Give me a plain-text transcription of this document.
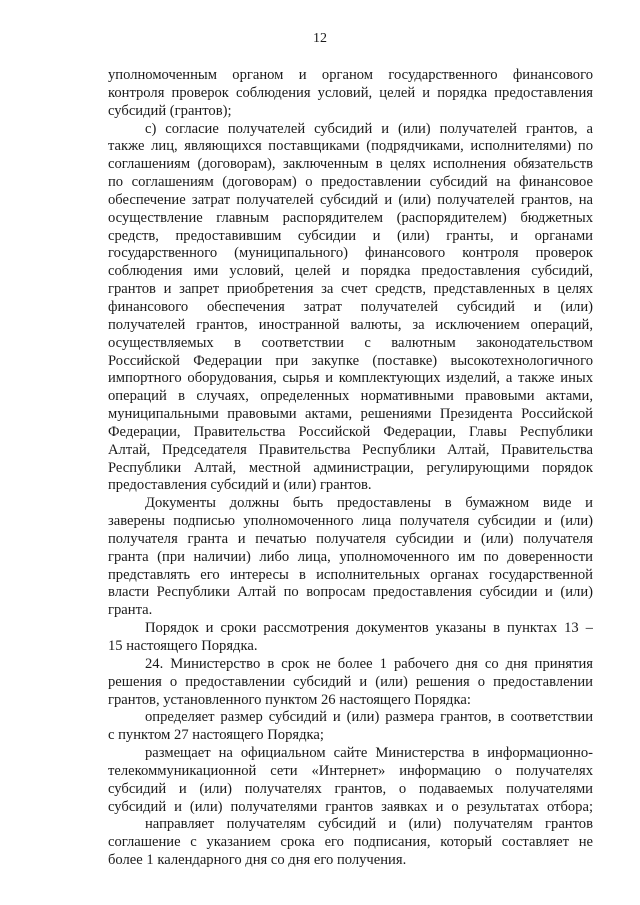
12
уполномоченным органом и органом государственного финансового
контроля проверок соблюдения условий, целей и порядка предоставления
субсидий (грантов);
с) согласие получателей субсидий и (или) получателей грантов, а
также лиц, являющихся поставщиками (подрядчиками, исполнителями) по
соглашениям (договорам), заключенным в целях исполнения обязательств
по соглашениям (договорам) о предоставлении субсидий на финансовое
обеспечение затрат получателей субсидий и (или) получателей грантов, на
осуществление главным распорядителем (распорядителем) бюджетных
средств, предоставившим субсидии и (или) гранты, и органами
государственного (муниципального) финансового контроля проверок
соблюдения ими условий, целей и порядка предоставления субсидий,
грантов и запрет приобретения за счет средств, представленных в целях
финансового обеспечения затрат получателей субсидий и (или)
получателей грантов, иностранной валюты, за исключением операций,
осуществляемых в соответствии с валютным законодательством
Российской Федерации при закупке (поставке) высокотехнологичного
импортного оборудования, сырья и комплектующих изделий, а также иных
операций в случаях, определенных нормативными правовыми актами,
муниципальными правовыми актами, решениями Президента Российской
Федерации, Правительства Российской Федерации, Главы Республики
Алтай, Председателя Правительства Республики Алтай, Правительства
Республики Алтай, местной администрации, регулирующими порядок
предоставления субсидий и (или) грантов.
Документы должны быть предоставлены в бумажном виде и
заверены подписью уполномоченного лица получателя субсидии и (или)
получателя гранта и печатью получателя субсидии и (или) получателя
гранта (при наличии) либо лица, уполномоченного им по доверенности
представлять его интересы в исполнительных органах государственной
власти Республики Алтай по вопросам предоставления субсидии и (или)
гранта.
Порядок и сроки рассмотрения документов указаны в пунктах 13 –
15 настоящего Порядка.
24. Министерство в срок не более 1 рабочего дня со дня принятия
решения о предоставлении субсидий и (или) решения о предоставлении
грантов, установленного пунктом 26 настоящего Порядка:
определяет размер субсидий и (или) размера грантов, в соответствии
с пунктом 27 настоящего Порядка;
размещает на официальном сайте Министерства в информационно-
телекоммуникационной сети «Интернет» информацию о получателях
субсидий и (или) получателях грантов, о подаваемых получателями
субсидий и (или) получателями грантов заявках и о результатах отбора;
направляет получателям субсидий и (или) получателям грантов
соглашение с указанием срока его подписания, который составляет не
более 1 календарного дня со дня его получения.
